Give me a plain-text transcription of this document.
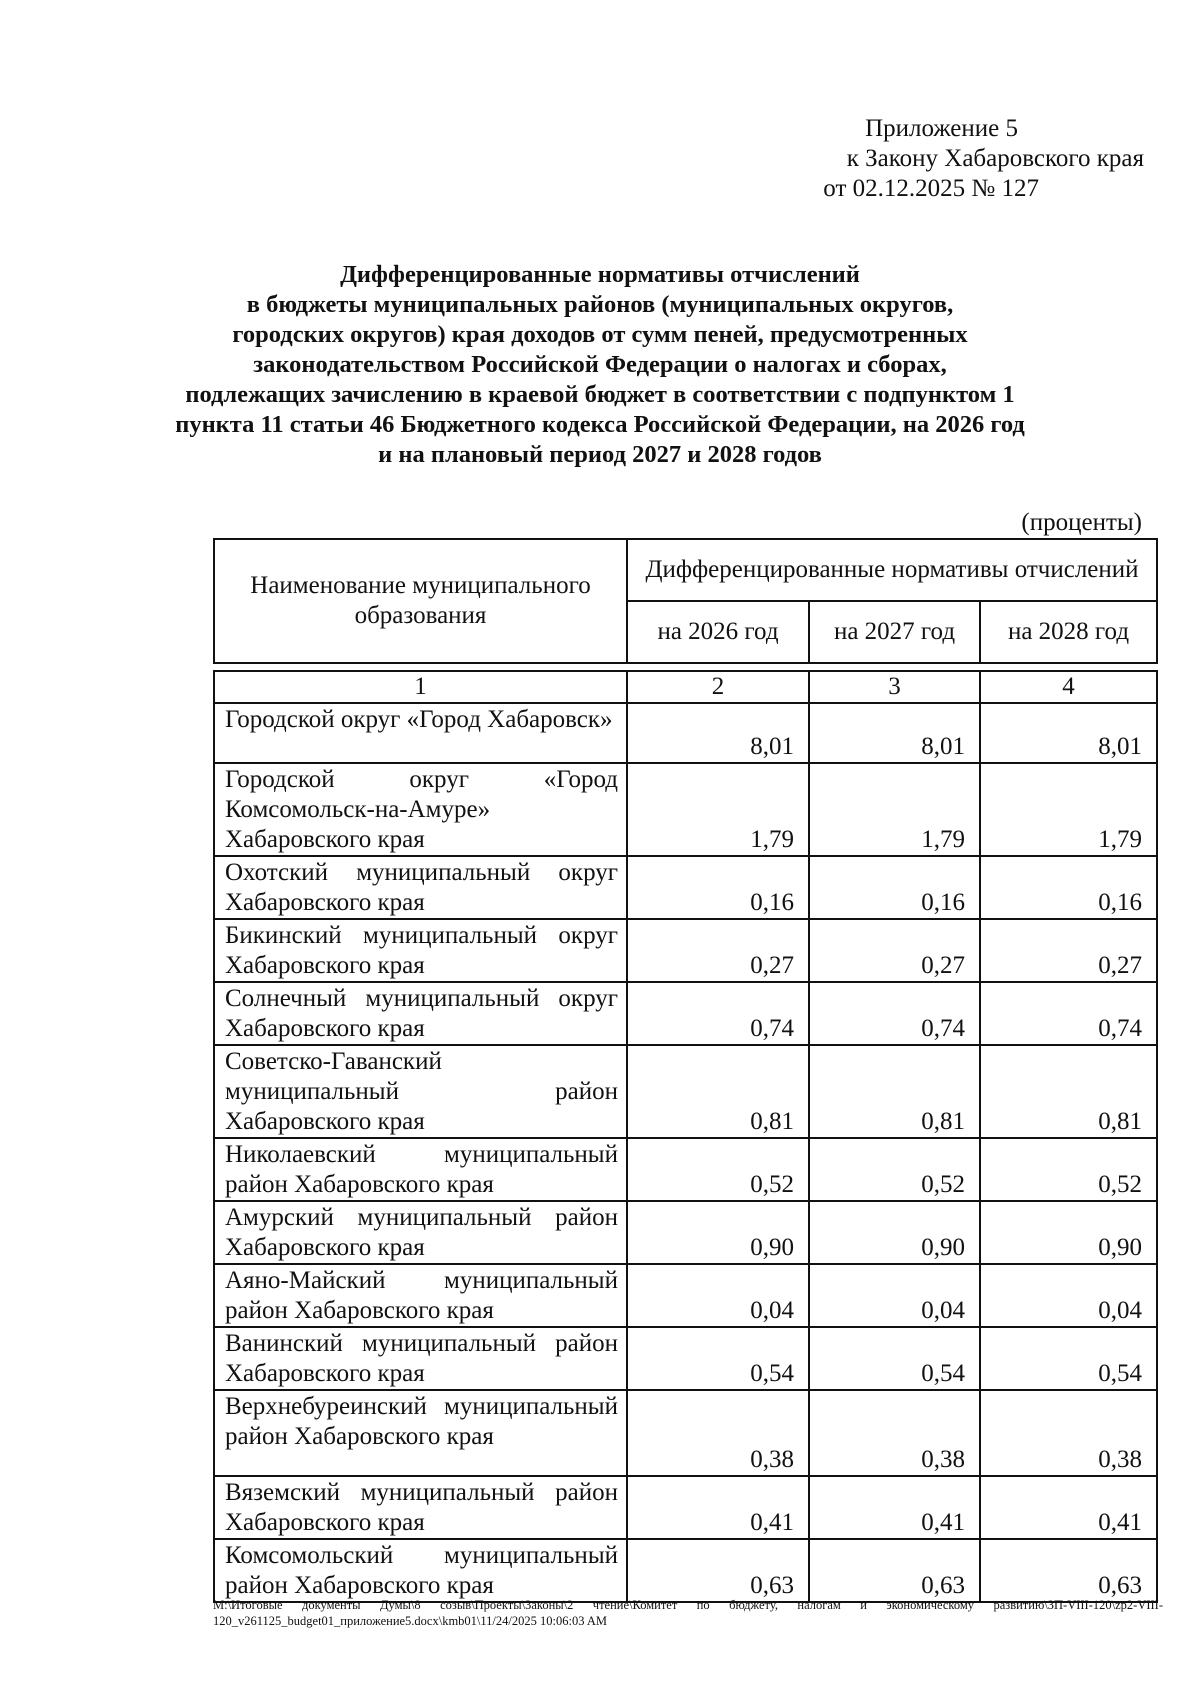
Приложение 5
к Закону Хабаровского края
от 02.12.2025 № 127
Дифференцированные нормативы отчислений
в бюджеты муниципальных районов (муниципальных округов,
городских округов) края доходов от сумм пеней, предусмотренных
законодательством Российской Федерации о налогах и сборах,
подлежащих зачислению в краевой бюджет в соответствии с подпунктом 1
пункта 11 статьи 46 Бюджетного кодекса Российской Федерации, на 2026 год
и на плановый период 2027 и 2028 годов
(проценты)
Наименование муниципального образования	Дифференцированные нормативы отчислений		
	на 2026 год	на 2027 год	на 2028 год

1	2	3	4
Городской округ «Город Хабаровск»	8,01	8,01	8,01
Городской округ «Город Комсомольск-на-Амуре» Хабаровского края	1,79	1,79	1,79
Охотский муниципальный округ Хабаровского края	0,16	0,16	0,16
Бикинский муниципальный округ Хабаровского края	0,27	0,27	0,27
Солнечный муниципальный округ Хабаровского края	0,74	0,74	0,74
Советско-Гаванский муниципальный район Хабаровского края	0,81	0,81	0,81
Николаевский муниципальный район Хабаровского края	0,52	0,52	0,52
Амурский муниципальный район Хабаровского края	0,90	0,90	0,90
Аяно-Майский муниципальный район Хабаровского края	0,04	0,04	0,04
Ванинский муниципальный район Хабаровского края	0,54	0,54	0,54
Верхнебуреинский муниципальный район Хабаровского края	0,38	0,38	0,38
Вяземский муниципальный район Хабаровского края	0,41	0,41	0,41
Комсомольский муниципальный район Хабаровского края	0,63	0,63	0,63
M:\Итоговые документы Думы\8 созыв\Проекты\Законы\2 чтение\Комитет по бюджету, налогам и экономическому развитию\ЗП-VIII-120\zp2-VIII-120_v261125_budget01_приложение5.docx\kmb01\11/24/2025 10:06:03 AM
